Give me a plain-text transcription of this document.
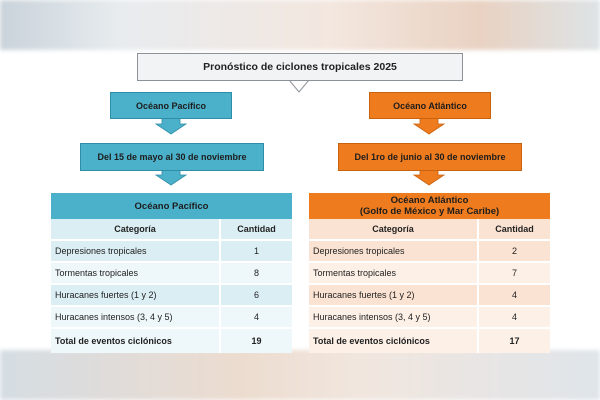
Pronóstico de ciclones tropicales 2025
Océano Pacífico
Del 15 de mayo al 30 de noviembre
Océano Atlántico
Del 1ro de junio al 30 de noviembre
Océano Pacífico	
Categoría	Cantidad
Depresiones tropicales	1
Tormentas tropicales	8
Huracanes fuertes (1 y 2)	6
Huracanes intensos (3, 4 y 5)	4
Total de eventos ciclónicos	19
Océano Atlántico
(Golfo de México y Mar Caribe)	
Categoría	Cantidad
Depresiones tropicales	2
Tormentas tropicales	7
Huracanes fuertes (1 y 2)	4
Huracanes intensos (3, 4 y 5)	4
Total de eventos ciclónicos	17
